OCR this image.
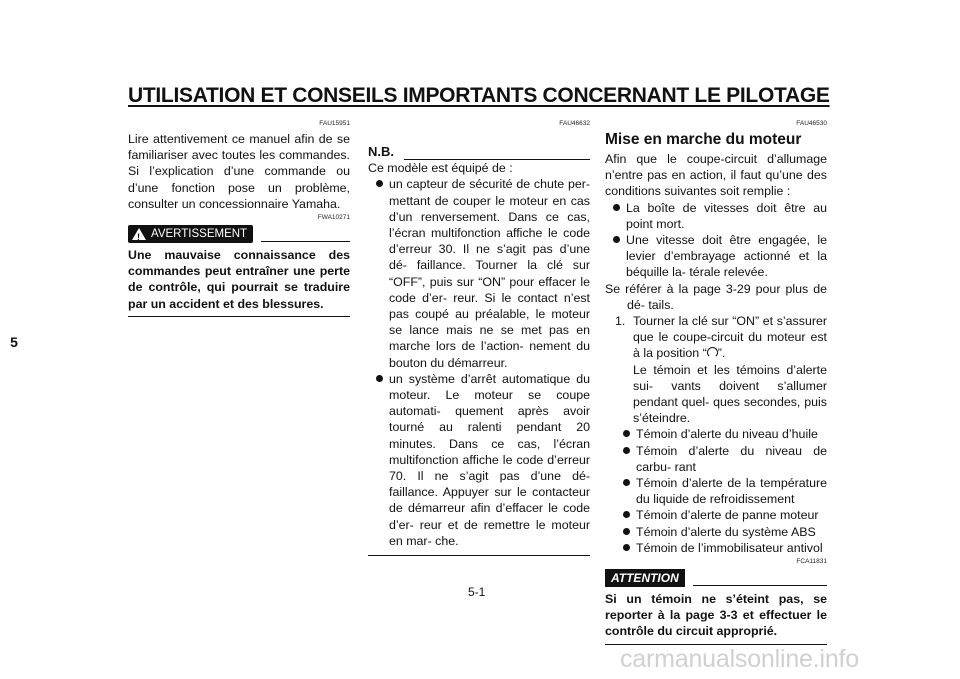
UTILISATION ET CONSEILS IMPORTANTS CONCERNANT LE PILOTAGE
5
FAU15951

Lire attentivement ce manuel afin de se familiariser avec toutes les commandes. Si l’explication d’une commande ou d’une fonction pose un problème, consulter un concessionnaire Yamaha.

FWA10271
!
AVERTISSEMENT

Une mauvaise connaissance des commandes peut entraîner une perte de contrôle, qui pourrait se traduire par un accident et des blessures.

FAU46632
N.B.

Ce modèle est équipé de :

un capteur de sécurité de chute per- mettant de couper le moteur en cas d’un renversement. Dans ce cas, l’écran multifonction affiche le code d’erreur 30. Il ne s’agit pas d’une dé- faillance. Tourner la clé sur “OFF”, puis sur “ON” pour effacer le code d’er- reur. Si le contact n’est pas coupé au préalable, le moteur se lance mais ne se met pas en marche lors de l’action- nement du bouton du démarreur.
un système d’arrêt automatique du moteur. Le moteur se coupe automati- quement après avoir tourné au ralenti pendant 20 minutes. Dans ce cas, l’écran multifonction affiche le code d’erreur 70. Il ne s’agit pas d’une dé- faillance. Appuyer sur le contacteur de démarreur afin d’effacer le code d’er- reur et de remettre le moteur en mar- che.
FAU46530
Mise en marche du moteur

Afin que le coupe-circuit d’allumage n’entre pas en action, il faut qu’une des conditions suivantes soit remplie :

La boîte de vitesses doit être au point mort.
Une vitesse doit être engagée, le levier d’embrayage actionné et la béquille la- térale relevée.

Se référer à la page 3-29 pour plus de dé- tails.

1. Tourner la clé sur “ON” et s’assurer que le coupe-circuit du moteur est à la position “ ”.

Le témoin et les témoins d’alerte sui- vants doivent s’allumer pendant quel- ques secondes, puis s’éteindre.

Témoin d’alerte du niveau d’huile
Témoin d’alerte du niveau de carbu- rant
Témoin d’alerte de la température du liquide de refroidissement
Témoin d’alerte de panne moteur
Témoin d’alerte du système ABS
Témoin de l’immobilisateur antivol
FCA11831
ATTENTION

Si un témoin ne s’éteint pas, se reporter à la page 3-3 et effectuer le contrôle du circuit approprié.

5-1
carmanualsonline.info
